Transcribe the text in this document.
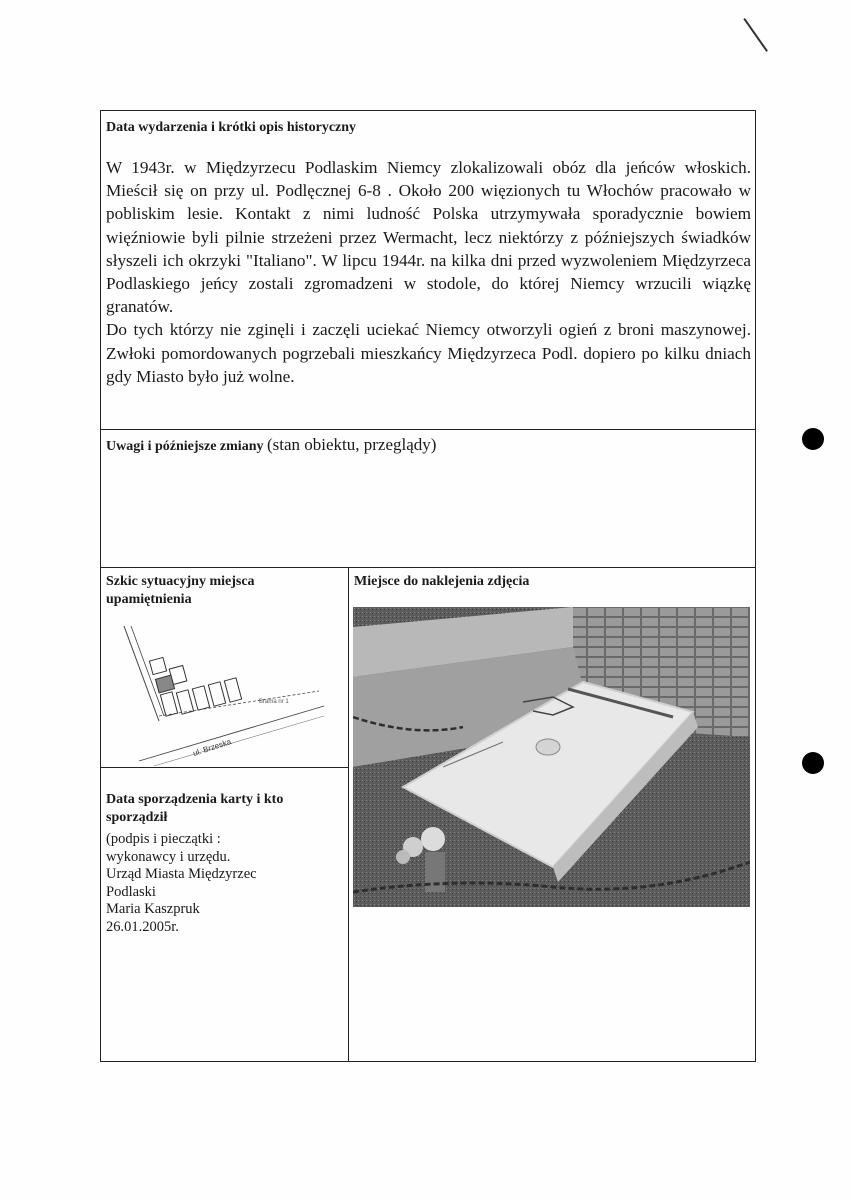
Data wydarzenia i krótki opis historyczny

W 1943r. w Międzyrzecu Podlaskim Niemcy zlokalizowali obóz dla jeńców włoskich. Mieścił się on przy ul. Podlęcznej 6-8 . Około 200 więzionych tu Włochów pracowało w pobliskim lesie. Kontakt z nimi ludność Polska utrzymywała sporadycznie bowiem więźniowie byli pilnie strzeżeni przez Wermacht, lecz niektórzy z późniejszych świadków słyszeli ich okrzyki "Italiano". W lipcu 1944r. na kilka dni przed wyzwoleniem Międzyrzeca Podlaskiego jeńcy zostali zgromadzeni w stodole, do której Niemcy wrzucili wiązkę granatów.

Do tych którzy nie zginęli i zaczęli uciekać Niemcy otworzyli ogień z broni maszynowej. Zwłoki pomordowanych pogrzebali mieszkańcy Międzyrzeca Podl. dopiero po kilku dniach gdy Miasto było już wolne.

Uwagi i późniejsze zmiany (stan obiektu, przeglądy)
Szkic sytuacyjny miejsca
upamiętnienia
Brama nr 1
ul. Brzeska
Miejsce do naklejenia zdjęcia
Data sporządzenia karty i kto
sporządził
(podpis i pieczątki :
wykonawcy i urzędu.
Urząd Miasta Międzyrzec
Podlaski
Maria Kaszpruk
26.01.2005r.
